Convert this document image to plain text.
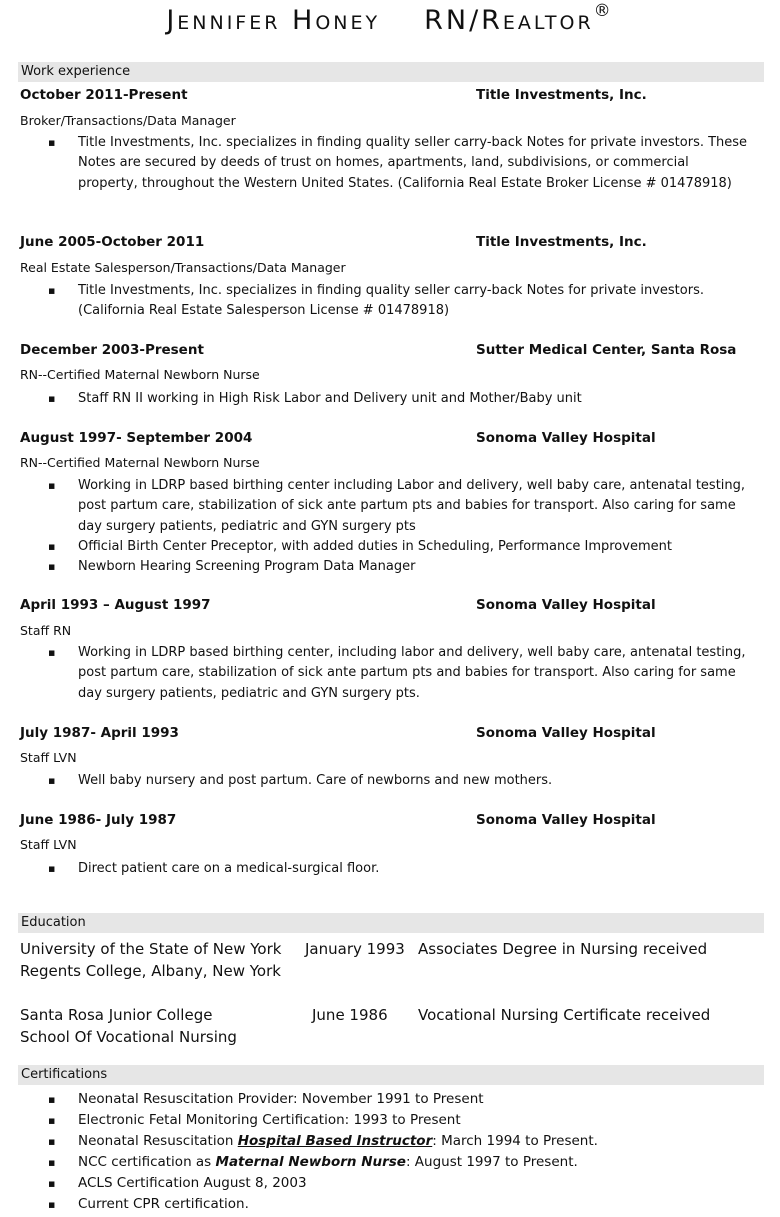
Jennifer Honey RN/Realtor®
Work experience
October 2011-Present	Title Investments, Inc.
Broker/Transactions/Data Manager
▪ Title Investments, Inc. specializes in finding quality seller carry-back Notes for private investors. These Notes are secured by deeds of trust on homes, apartments, land, subdivisions, or commercial property, throughout the Western United States. (California Real Estate Broker License # 01478918)
June 2005-October 2011	Title Investments, Inc.
Real Estate Salesperson/Transactions/Data Manager
▪ Title Investments, Inc. specializes in finding quality seller carry-back Notes for private investors. (California Real Estate Salesperson License # 01478918)
December 2003-Present	Sutter Medical Center, Santa Rosa
RN--Certified Maternal Newborn Nurse
▪ Staff RN II working in High Risk Labor and Delivery unit and Mother/Baby unit
August 1997- September 2004	Sonoma Valley Hospital
RN--Certified Maternal Newborn Nurse
▪ Working in LDRP based birthing center including Labor and delivery, well baby care, antenatal testing, post partum care, stabilization of sick ante partum pts and babies for transport. Also caring for same day surgery patients, pediatric and GYN surgery pts
▪ Official Birth Center Preceptor, with added duties in Scheduling, Performance Improvement
▪ Newborn Hearing Screening Program Data Manager
April 1993 – August 1997	Sonoma Valley Hospital
Staff RN
▪ Working in LDRP based birthing center, including labor and delivery, well baby care, antenatal testing, post partum care, stabilization of sick ante partum pts and babies for transport. Also caring for same day surgery patients, pediatric and GYN surgery pts.
July 1987- April 1993	Sonoma Valley Hospital
Staff LVN
▪ Well baby nursery and post partum. Care of newborns and new mothers.
June 1986- July 1987	Sonoma Valley Hospital
Staff LVN
▪ Direct patient care on a medical-surgical floor.
Education
University of the State of New York
Regents College, Albany, New York
January 1993 Associates Degree in Nursing received
Santa Rosa Junior College
School Of Vocational Nursing
June 1986 Vocational Nursing Certificate received
Certifications
▪ Neonatal Resuscitation Provider: November 1991 to Present
▪ Electronic Fetal Monitoring Certification: 1993 to Present
▪ Neonatal Resuscitation Hospital Based Instructor: March 1994 to Present.
▪ NCC certification as Maternal Newborn Nurse: August 1997 to Present.
▪ ACLS Certification August 8, 2003
▪ Current CPR certification.
